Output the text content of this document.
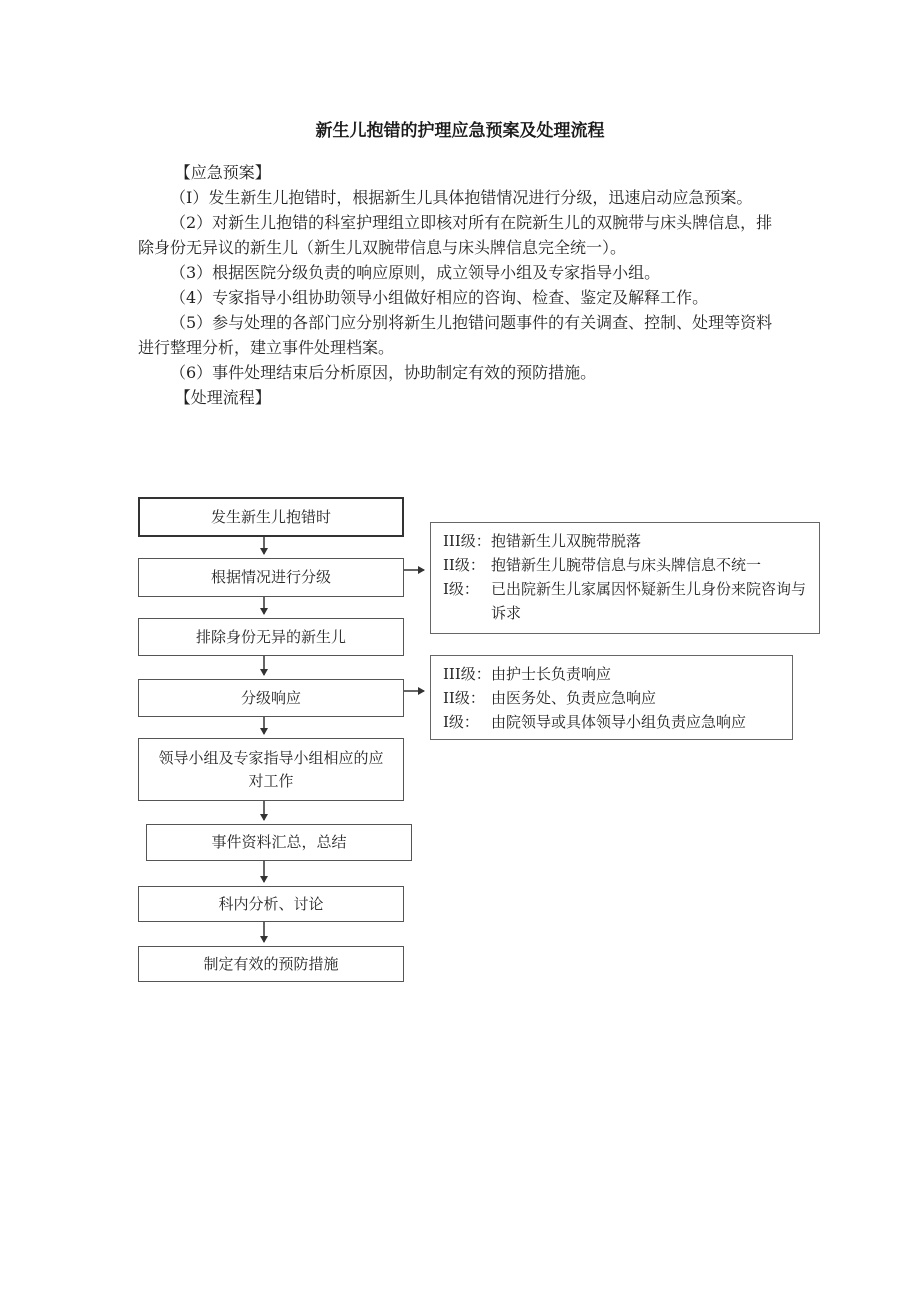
新生儿抱错的护理应急预案及处理流程

【应急预案】

（I）发生新生儿抱错时，根据新生儿具体抱错情况进行分级，迅速启动应急预案。

（2）对新生儿抱错的科室护理组立即核对所有在院新生儿的双腕带与床头牌信息，排除身份无异议的新生儿（新生儿双腕带信息与床头牌信息完全统一）。

（3）根据医院分级负责的响应原则，成立领导小组及专家指导小组。

（4）专家指导小组协助领导小组做好相应的咨询、检查、鉴定及解释工作。

（5）参与处理的各部门应分别将新生儿抱错问题事件的有关调查、控制、处理等资料进行整理分析，建立事件处理档案。

（6）事件处理结束后分析原因，协助制定有效的预防措施。

【处理流程】

发生新生儿抱错时
根据情况进行分级
排除身份无异的新生儿
分级响应
领导小组及专家指导小组相应的应对工作
事件资料汇总，总结
科内分析、讨论
制定有效的预防措施
III级： 抱错新生儿双腕带脱落
II级： 抱错新生儿腕带信息与床头牌信息不统一
I级： 已出院新生儿家属因怀疑新生儿身份来院咨询与诉求
III级： 由护士长负责响应
II级： 由医务处、负责应急响应
I级： 由院领导或具体领导小组负责应急响应
